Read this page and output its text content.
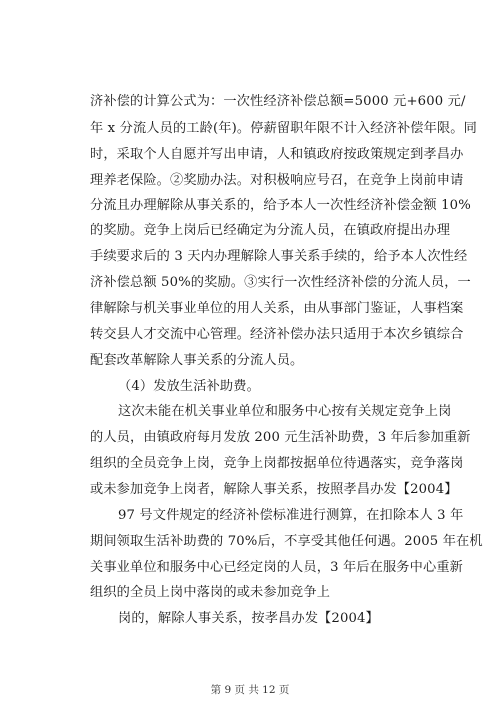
济补偿的计算公式为：一次性经济补偿总额=5000 元+600 元/
年 x 分流人员的工龄(年)。停薪留职年限不计入经济补偿年限。同
时，采取个人自愿并写出申请，人和镇政府按政策规定到孝昌办
理养老保险。②奖励办法。对积极响应号召，在竞争上岗前申请
分流且办理解除从事关系的，给予本人一次性经济补偿金额 10%
的奖励。竞争上岗后已经确定为分流人员，在镇政府提出办理
手续要求后的 3 天内办理解除人事关系手续的，给予本人次性经
济补偿总额 50%的奖励。③实行一次性经济补偿的分流人员，一
律解除与机关事业单位的用人关系，由从事部门鉴证，人事档案
转交县人才交流中心管理。经济补偿办法只适用于本次乡镇综合
配套改革解除人事关系的分流人员。
（4）发放生活补助费。
这次未能在机关事业单位和服务中心按有关规定竞争上岗
的人员，由镇政府每月发放 200 元生活补助费，3 年后参加重新
组织的全员竞争上岗，竞争上岗都按据单位待遇落实，竞争落岗
或未参加竞争上岗者，解除人事关系，按照孝昌办发【2004】
97 号文件规定的经济补偿标准进行测算，在扣除本人 3 年
期间领取生活补助费的 70%后，不享受其他任何遇。2005 年在机
关事业单位和服务中心已经定岗的人员，3 年后在服务中心重新
组织的全员上岗中落岗的或未参加竞争上
岗的，解除人事关系，按孝昌办发【2004】
第 9 页 共 12 页
